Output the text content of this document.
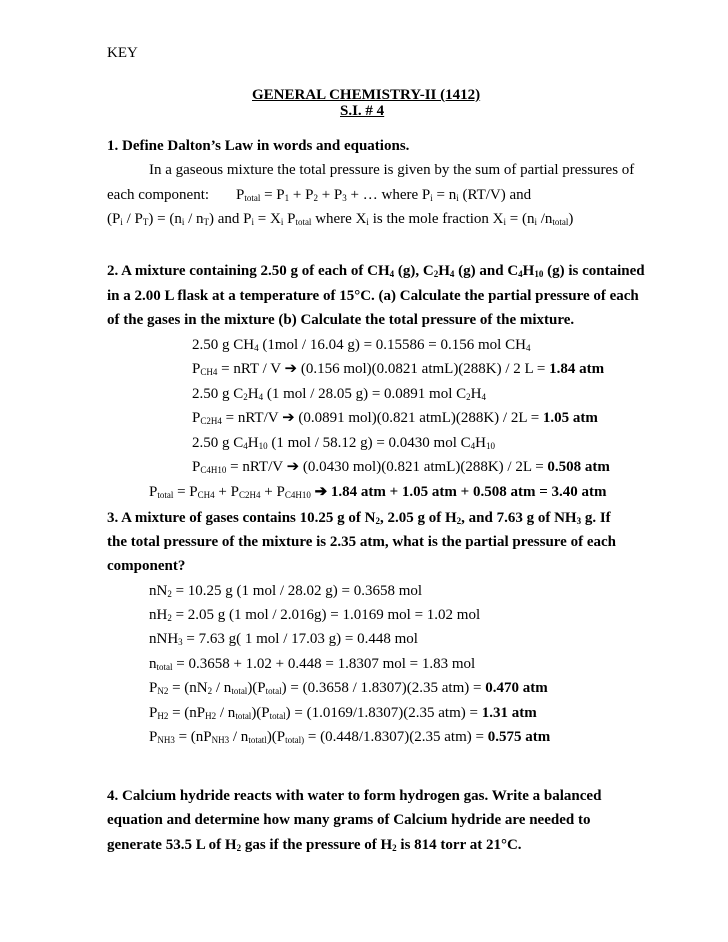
KEY
GENERAL CHEMISTRY-II (1412)
S.I. # 4
1. Define Dalton’s Law in words and equations.
In a gaseous mixture the total pressure is given by the sum of partial pressures of
each component: $P_{total} = P_1 + P_2 + P_3$ + … where $P_i = n_i$ (RT/V) and
$(P_i / P_T) = (n_i / n_T)$ and $P_i = X_i$ $P_{total}$ where $X_i$ is the mole fraction $X_i = (n_i$ $/n_{total}$)
2. A mixture containing 2.50 g of each of $CH_4$ (g), $C_2H_4$ (g) and $C_4H_{10}$ (g) is contained
in a 2.00 L flask at a temperature of 15°C. (a) Calculate the partial pressure of each
of the gases in the mixture (b) Calculate the total pressure of the mixture.
2.50 g $CH_4$ (1mol / 16.04 g) = 0.15586 = 0.156 mol $CH_4$
$P_{CH4}$ = nRT / V ➔ (0.156 mol)(0.0821 atmL)(288K) / 2 L = 1.84 atm
2.50 g $C_2H_4$ (1 mol / 28.05 g) = 0.0891 mol $C_2H_4$
$P_{C2H4} = nRT/V$ ➔ (0.0891 mol)(0.821 atmL)(288K) / 2L = 1.05 atm
2.50 g $C_4H_{10}$ (1 mol / 58.12 g) = 0.0430 mol $C_4H_{10}$
$P_{C4H10} = nRT/V$ ➔ (0.0430 mol)(0.821 atmL)(288K) / 2L = 0.508 atm
$P_{total} = P_{CH4} + P_{C2H4} + P_{C4H10}$ ➔ 1.84 atm + 1.05 atm + 0.508 atm = 3.40 atm
3. A mixture of gases contains 10.25 g of $N_2$, 2.05 g of $H_2$, and 7.63 g of $NH_3$ g. If
the total pressure of the mixture is 2.35 atm, what is the partial pressure of each
component?
$nN_2 = 10.25$ g (1 mol / 28.02 g) = 0.3658 mol
$nH_2 = 2.05$ g (1 mol / 2.016g) = 1.0169 mol = 1.02 mol
nNH$_3$ = 7.63 g( 1 mol / 17.03 g) = 0.448 mol
$n_{total} = 0.3658 + 1.02 + 0.448 = 1.8307$ mol = 1.83 mol
$P_{N2} = (nN_2 / n_{total})(P_{total}) = (0.3658 / 1.8307)(2.35$ atm) = 0.470 atm
$P_{H2} = (nP_{H2} / n_{total})(P_{total}) = (1.0169/1.8307)(2.35$ atm) = 1.31 atm
$P_{NH3} = (nP_{NH3} / n_{totatl})(P_{total)} = (0.448/1.8307)(2.35$ atm) = 0.575 atm
4. Calcium hydride reacts with water to form hydrogen gas. Write a balanced
equation and determine how many grams of Calcium hydride are needed to
generate 53.5 L of $H_2$ gas if the pressure of $H_2$ is 814 torr at 21°C.
